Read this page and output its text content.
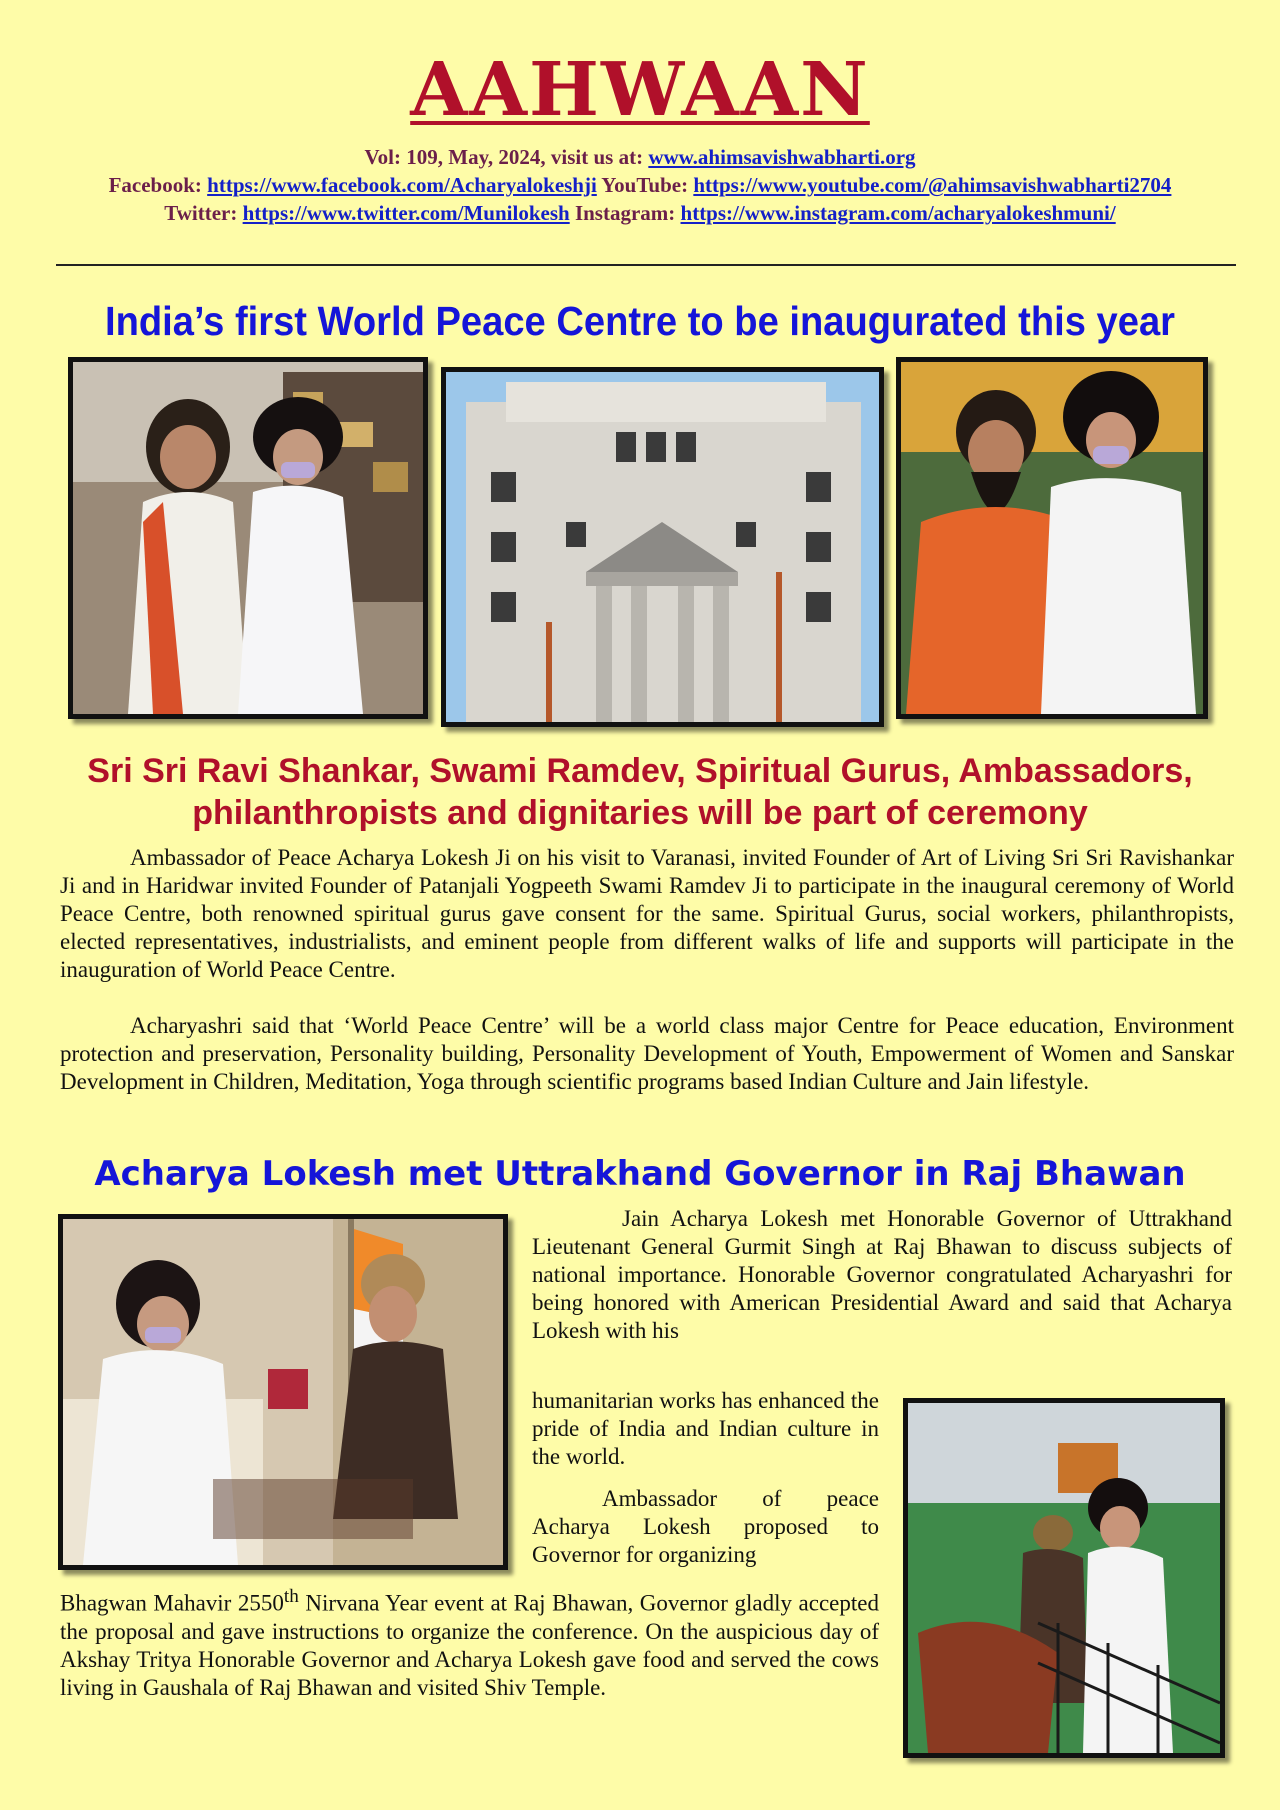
AAHWAAN
Vol: 109, May, 2024, visit us at: www.ahimsavishwabharti.org
Facebook: https://www.facebook.com/Acharyalokeshji YouTube: https://www.youtube.com/@ahimsavishwabharti2704
Twitter: https://www.twitter.com/Munilokesh Instagram: https://www.instagram.com/acharyalokeshmuni/
India’s first World Peace Centre to be inaugurated this year
Sri Sri Ravi Shankar, Swami Ramdev, Spiritual Gurus, Ambassadors,
philanthropists and dignitaries will be part of ceremony

Ambassador of Peace Acharya Lokesh Ji on his visit to Varanasi, invited Founder of Art of Living Sri Sri Ravishankar Ji and in Haridwar invited Founder of Patanjali Yogpeeth Swami Ramdev Ji to participate in the inaugural ceremony of World Peace Centre, both renowned spiritual gurus gave consent for the same. Spiritual Gurus, social workers, philanthropists, elected representatives, industrialists, and eminent people from different walks of life and supports will participate in the inauguration of World Peace Centre.

Acharyashri said that ‘World Peace Centre’ will be a world class major Centre for Peace education, Environment protection and preservation, Personality building, Personality Development of Youth, Empowerment of Women and Sanskar Development in Children, Meditation, Yoga through scientific programs based Indian Culture and Jain lifestyle.

Acharya Lokesh met Uttrakhand Governor in Raj Bhawan

Jain Acharya Lokesh met Honorable Governor of Uttrakhand Lieutenant General Gurmit Singh at Raj Bhawan to discuss subjects of national importance. Honorable Governor congratulated Acharyashri for being honored with American Presidential Award and said that Acharya Lokesh with his

humanitarian works has enhanced the pride of India and Indian culture in the world.

Ambassador of peace Acharya Lokesh proposed to Governor for organizing

Bhagwan Mahavir 2550th Nirvana Year event at Raj Bhawan, Governor gladly accepted the proposal and gave instructions to organize the conference. On the auspicious day of Akshay Tritya Honorable Governor and Acharya Lokesh gave food and served the cows living in Gaushala of Raj Bhawan and visited Shiv Temple.
